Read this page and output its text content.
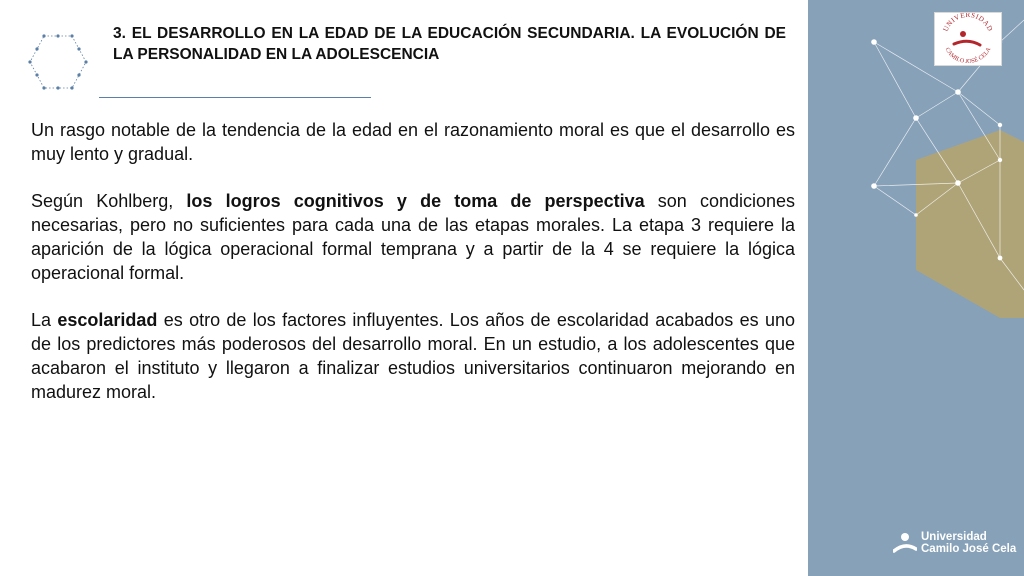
3. EL DESARROLLO EN LA EDAD DE LA EDUCACIÓN SECUNDARIA. LA EVOLUCIÓN DE LA PERSONALIDAD EN LA ADOLESCENCIA

Un rasgo notable de la tendencia de la edad en el razonamiento moral es que el desarrollo es muy lento y gradual.

Según Kohlberg, los logros cognitivos y de toma de perspectiva son condiciones necesarias, pero no suficientes para cada una de las etapas morales. La etapa 3 requiere la aparición de la lógica operacional formal temprana y a partir de la 4 se requiere la lógica operacional formal.

La escolaridad es otro de los factores influyentes. Los años de escolaridad acabados es uno de los predictores más poderosos del desarrollo moral. En un estudio, a los adolescentes que acabaron el instituto y llegaron a finalizar estudios universitarios continuaron mejorando en madurez moral.

UNIVERSIDAD
CAMILO JOSÉ CELA
Universidad
Camilo José Cela
